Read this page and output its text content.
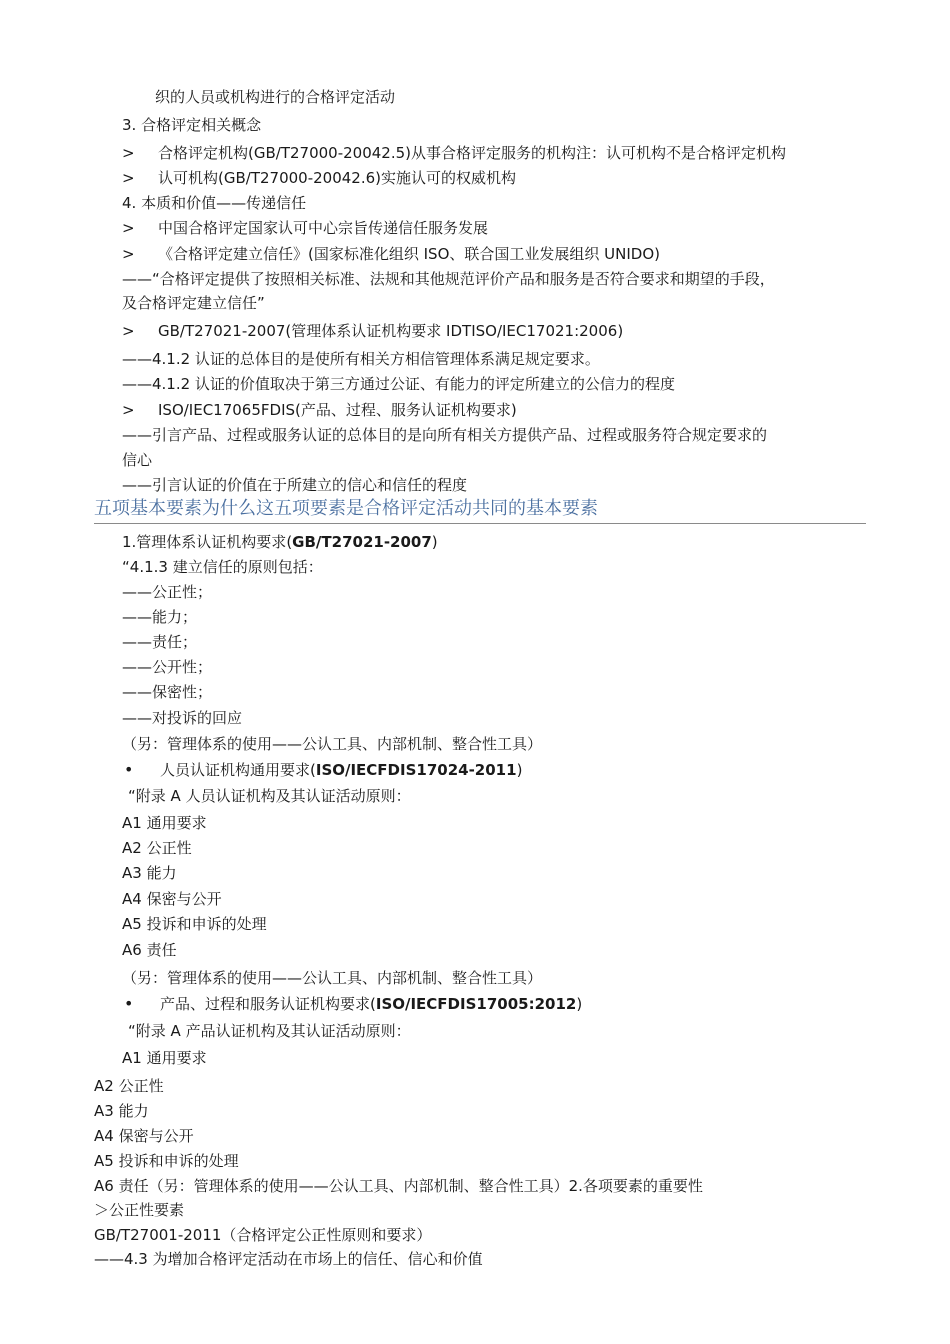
织的人员或机构进行的合格评定活动
3. 合格评定相关概念
> 合格评定机构(GB/T27000-20042.5)从事合格评定服务的机构注：认可机构不是合格评定机构
> 认可机构(GB/T27000-20042.6)实施认可的权威机构
4. 本质和价值——传递信任
> 中国合格评定国家认可中心宗旨传递信任服务发展
> 《合格评定建立信任》(国家标准化组织 ISO、联合国工业发展组织 UNIDO)
——“合格评定提供了按照相关标准、法规和其他规范评价产品和服务是否符合要求和期望的手段，
及合格评定建立信任”
> GB/T27021-2007(管理体系认证机构要求 IDTISO/IEC17021:2006)
——4.1.2 认证的总体目的是使所有相关方相信管理体系满足规定要求。
——4.1.2 认证的价值取决于第三方通过公证、有能力的评定所建立的公信力的程度
> ISO/IEC17065FDIS(产品、过程、服务认证机构要求)
——引言产品、过程或服务认证的总体目的是向所有相关方提供产品、过程或服务符合规定要求的
信心
——引言认证的价值在于所建立的信心和信任的程度
五项基本要素为什么这五项要素是合格评定活动共同的基本要素
1.管理体系认证机构要求(GB/T27021-2007)
“4.1.3 建立信任的原则包括：
——公正性；
——能力；
——责任；
——公开性；
——保密性；
——对投诉的回应
（另：管理体系的使用——公认工具、内部机制、整合性工具）
• 人员认证机构通用要求(ISO/IECFDIS17024-2011)
“附录 A 人员认证机构及其认证活动原则：
A1 通用要求
A2 公正性
A3 能力
A4 保密与公开
A5 投诉和申诉的处理
A6 责任
（另：管理体系的使用——公认工具、内部机制、整合性工具）
• 产品、过程和服务认证机构要求(ISO/IECFDIS17005:2012)
“附录 A 产品认证机构及其认证活动原则：
A1 通用要求
A2 公正性
A3 能力
A4 保密与公开
A5 投诉和申诉的处理
A6 责任（另：管理体系的使用——公认工具、内部机制、整合性工具）2.各项要素的重要性
＞公正性要素
GB/T27001-2011（合格评定公正性原则和要求）
——4.3 为增加合格评定活动在市场上的信任、信心和价值
